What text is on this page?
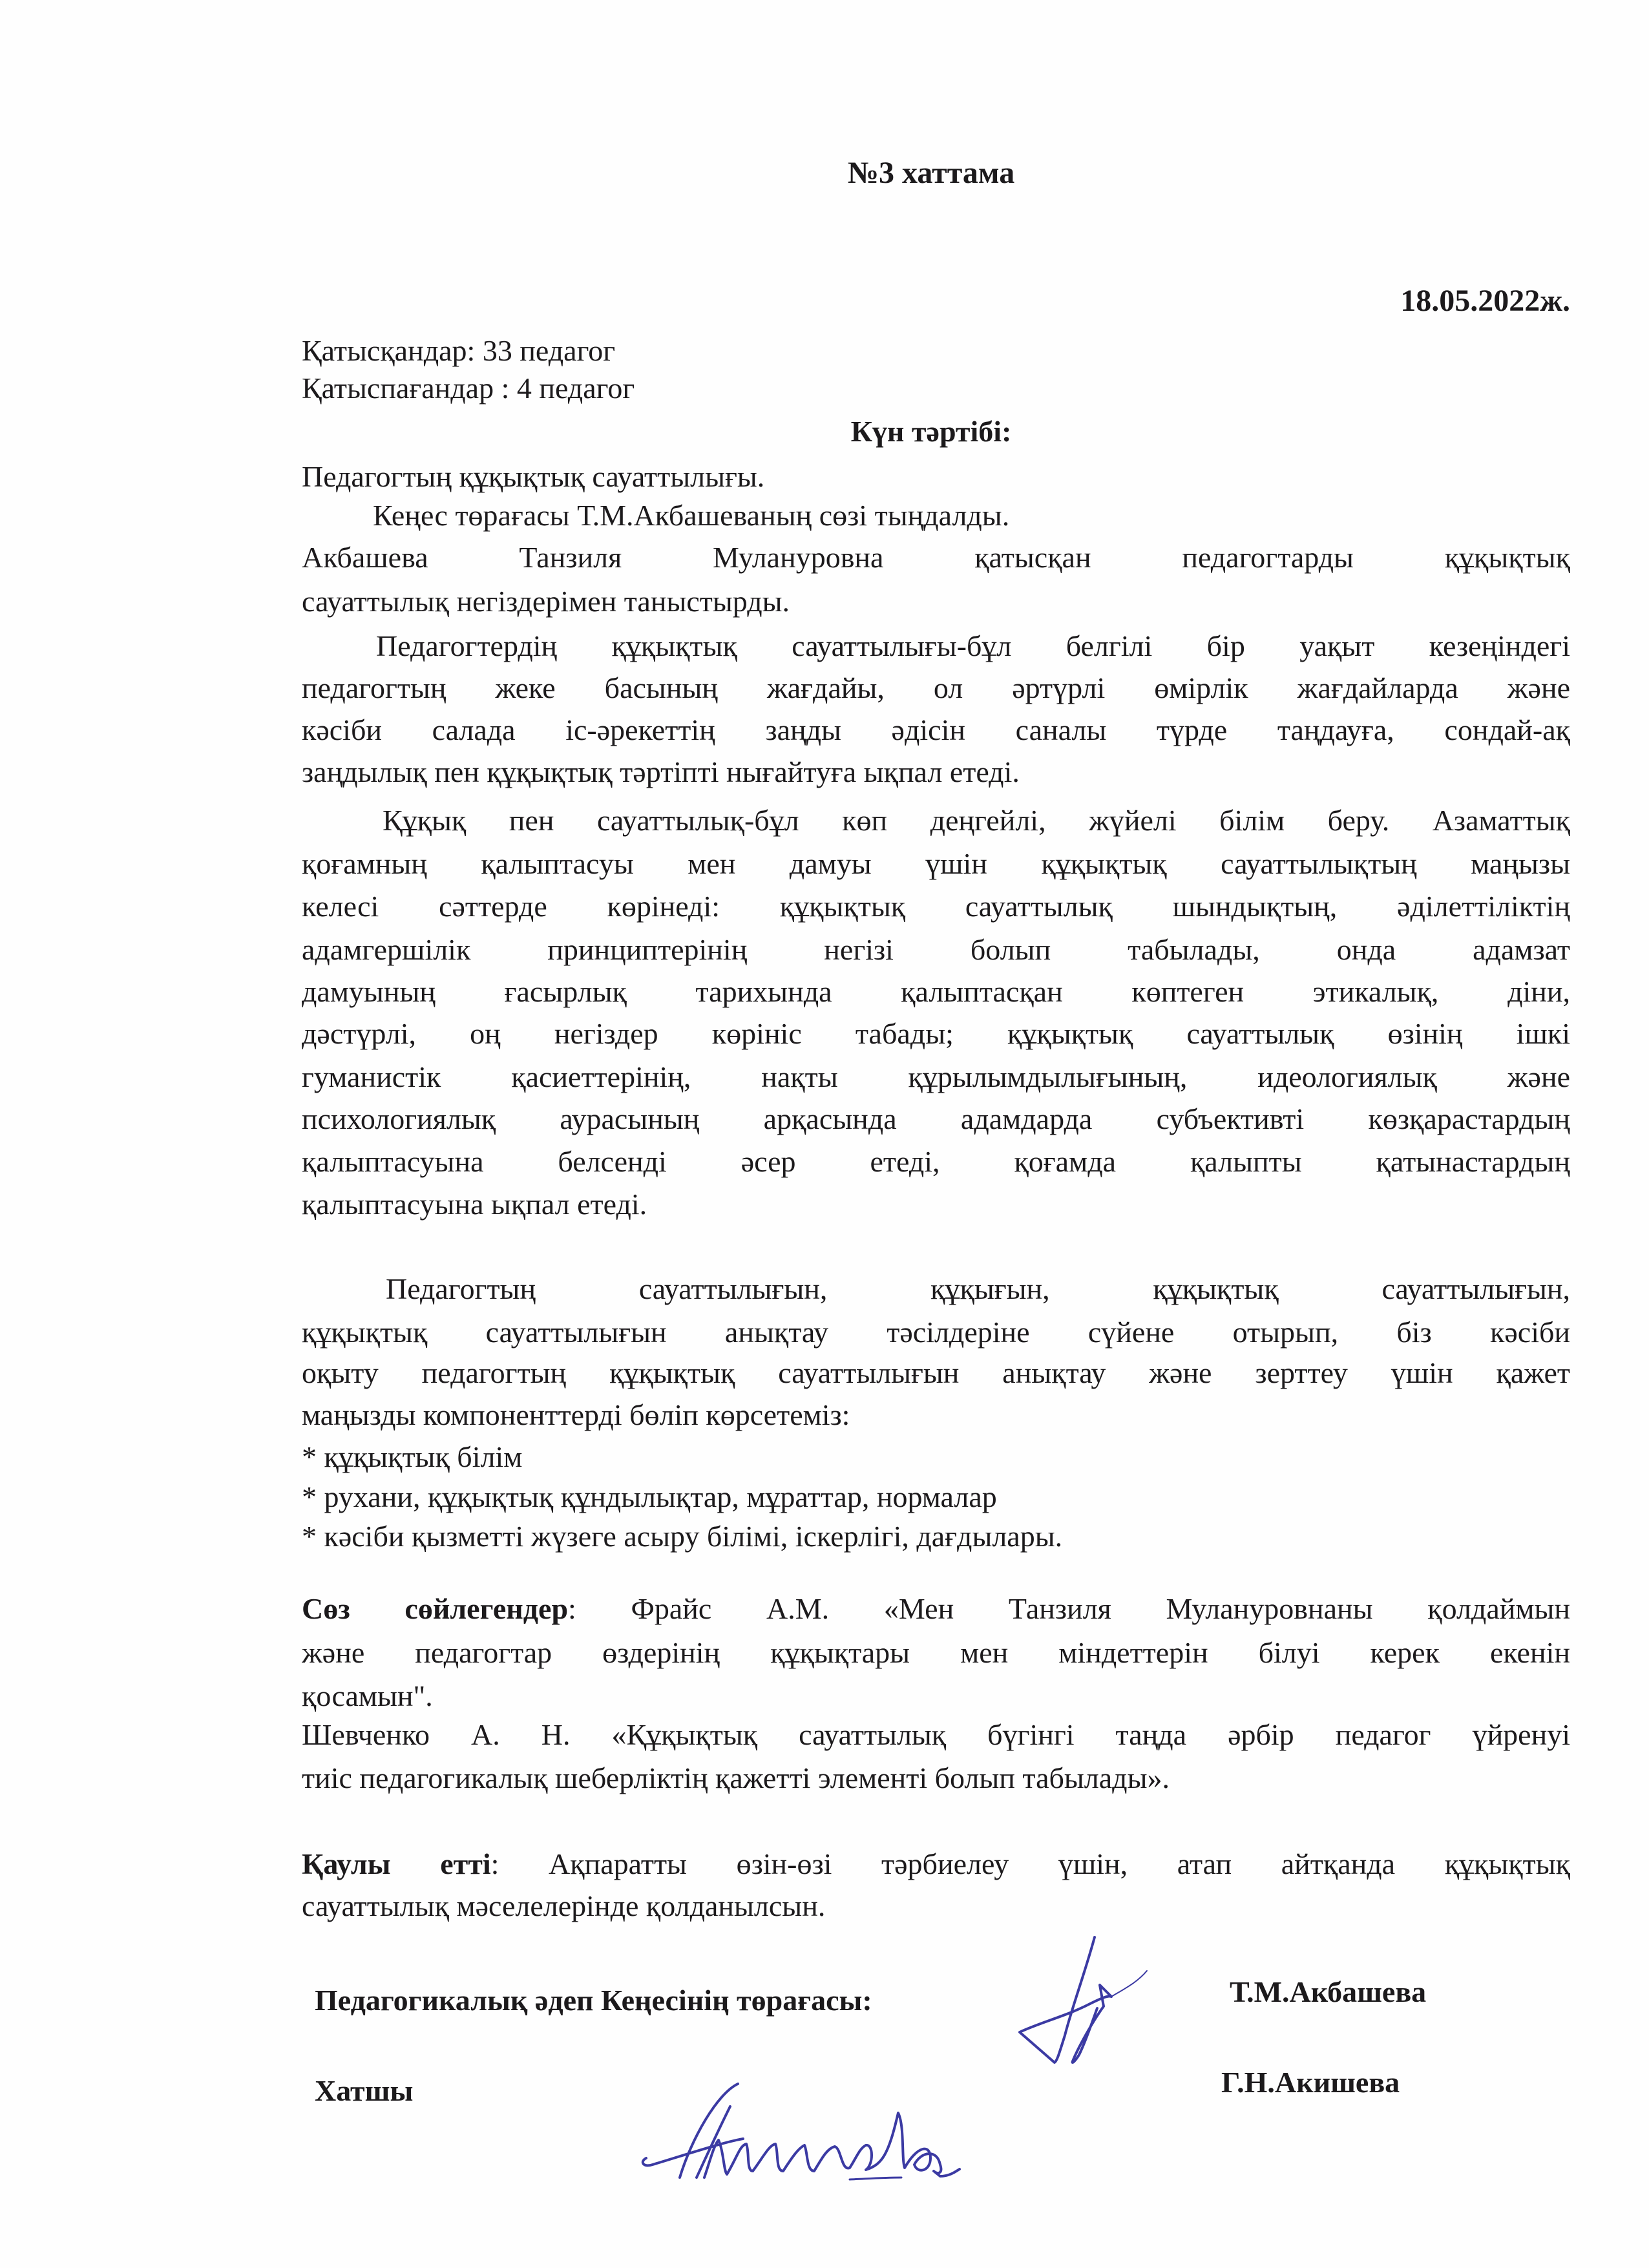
№3 хаттама
18.05.2022ж.
Қатысқандар: 33 педагог
Қатыспағандар : 4 педагог
Күн тәртібі:
Педагогтың құқықтық сауаттылығы.
Кеңес төрағасы Т.М.Акбашеваның сөзі тыңдалды.
Акбашева Танзиля Мулануровна қатысқан педагогтарды құқықтық
сауаттылық негіздерімен таныстырды.
Педагогтердің құқықтық сауаттылығы-бұл белгілі бір уақыт кезеңіндегі
педагогтың жеке басының жағдайы, ол әртүрлі өмірлік жағдайларда және
кәсіби салада іс-әрекеттің заңды әдісін саналы түрде таңдауға, сондай-ақ
заңдылық пен құқықтық тәртіпті нығайтуға ықпал етеді.
Құқық пен сауаттылық-бұл көп деңгейлі, жүйелі білім беру. Азаматтық
қоғамның қалыптасуы мен дамуы үшін құқықтық сауаттылықтың маңызы
келесі сәттерде көрінеді: құқықтық сауаттылық шындықтың, әділеттіліктің
адамгершілік принциптерінің негізі болып табылады, онда адамзат
дамуының ғасырлық тарихында қалыптасқан көптеген этикалық, діни,
дәстүрлі, оң негіздер көрініс табады; құқықтық сауаттылық өзінің ішкі
гуманистік қасиеттерінің, нақты құрылымдылығының, идеологиялық және
психологиялық аурасының арқасында адамдарда субъективті көзқарастардың
қалыптасуына белсенді әсер етеді, қоғамда қалыпты қатынастардың
қалыптасуына ықпал етеді.
Педагогтың сауаттылығын, құқығын, құқықтық сауаттылығын,
құқықтық сауаттылығын анықтау тәсілдеріне сүйене отырып, біз кәсіби
оқыту педагогтың құқықтық сауаттылығын анықтау және зерттеу үшін қажет
маңызды компоненттерді бөліп көрсетеміз:
* құқықтық білім
* рухани, құқықтық құндылықтар, мұраттар, нормалар
* кәсіби қызметті жүзеге асыру білімі, іскерлігі, дағдылары.
Сөз сөйлегендер: Фрайс А.М. «Мен Танзиля Мулануровнаны қолдаймын
және педагогтар өздерінің құқықтары мен міндеттерін білуі керек екенін
қосамын".
Шевченко А. Н. «Құқықтық сауаттылық бүгінгі таңда әрбір педагог үйренуі
тиіс педагогикалық шеберліктің қажетті элементі болып табылады».
Қаулы етті: Ақпаратты өзін-өзі тәрбиелеу үшін, атап айтқанда құқықтық
сауаттылық мәселелерінде қолданылсын.
Педагогикалық әдеп Кеңесінің төрағасы:	Т.М.Акбашева
Хатшы	Г.Н.Акишева
